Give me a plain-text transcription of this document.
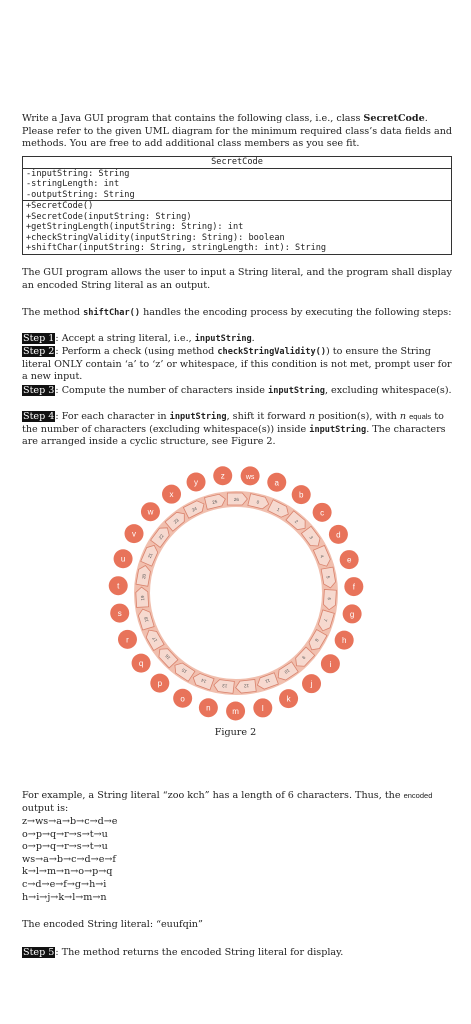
Write a Java GUI program that contains the following class, i.e., class SecretCode. Please refer to the given UML diagram for the minimum required class’s data fields and methods. You are free to add additional class members as you see fit.
SecretCode

-inputString: String
-stringLength: int
-outputString: String

+SecretCode()
+SecretCode(inputString: String)
+getStringLength(inputString: String): int
+checkStringValidity(inputString: String): boolean
+shiftChar(inputString: String, stringLength: int): String
The GUI program allows the user to input a String literal, and the program shall display an encoded String literal as an output.
The method shiftChar() handles the encoding process by executing the following steps:
Step 1: Accept a string literal, i.e., inputString.
Step 2: Perform a check (using method checkStringValidity()) to ensure the String literal ONLY contain ‘a’ to ‘z’ or whitespace, if this condition is not met, prompt user for a new input.
Step 3: Compute the number of characters inside inputString, excluding whitespace(s).
Step 4: For each character in inputString, shift it forward n position(s), with n equals to the number of characters (excluding whitespace(s)) inside inputString. The characters are arranged inside a cyclic structure, see Figure 2.
ws
0
a
1
b
2
c
3	d
4	e
5
f
6
g
7
h
8
i
9
j
10
k
11
l
12
m
13
n
14
o
15
p
16
q
17
r
18
s
19
t
20
u	21
v	22
w
23
x
24
y
25
z
26
Figure 2
For example, a String literal “zoo kch” has a length of 6 characters. Thus, the encoded output is:
z→ws→a→b→c→d→e
o→p→q→r→s→t→u
o→p→q→r→s→t→u
ws→a→b→c→d→e→f
k→l→m→n→o→p→q
c→d→e→f→g→h→i
h→i→j→k→l→m→n
The encoded String literal: “euufqin”
Step 5: The method returns the encoded String literal for display.
